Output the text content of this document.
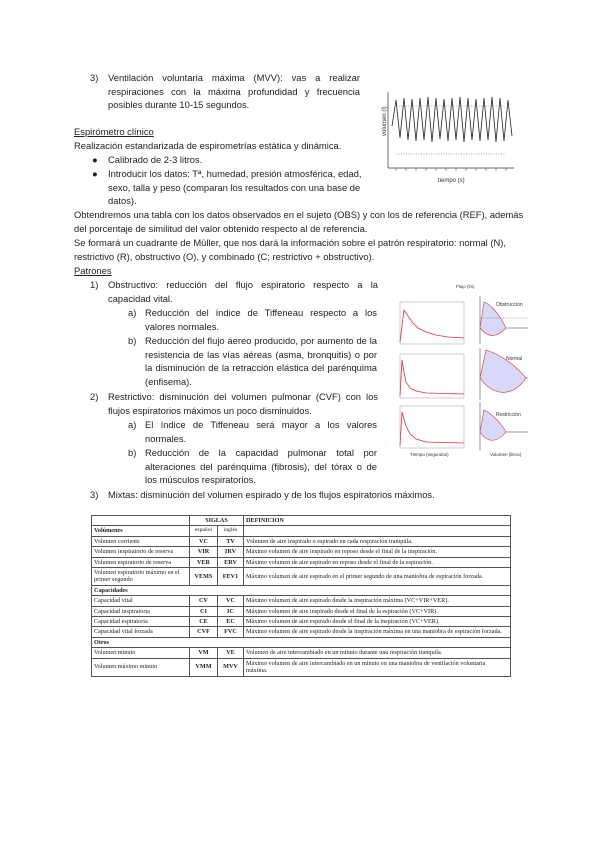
3) Ventilación voluntaria máxima (MVV): vas a realizar respiraciones con la máxima profundidad y frecuencia posibles durante 10-15 segundos.
volumen (l)
tiempo (s)
Espirómetro clínico
Realización estandarizada de espirometrías estática y dinámica.
● Calibrado de 2-3 litros.
● Introducir los datos: Tª, humedad, presión atmosférica, edad, sexo, talla y peso (comparan los resultados con una base de datos).
Obtendremos una tabla con los datos observados en el sujeto (OBS) y con los de referencia (REF), además del porcentaje de similitud del valor obtenido respecto al de referencia.
Se formará un cuadrante de Müller, que nos dará la información sobre el patrón respiratorio: normal (N), restrictivo (R), obstructivo (O), y combinado (C; restrictivo + obstructivo).
Patrones
1) Obstructivo: reducción del flujo espiratorio respecto a la capacidad vital.
a) Reducción del índice de Tiffeneau respecto a los valores normales.
b) Reducción del flujo áereo producido, por aumento de la resistencia de las vías aéreas (asma, bronquitis) o por la disminución de la retracción elástica del parénquima (enfisema).
2) Restrictivo: disminución del volumen pulmonar (CVF) con los flujos espiratorios máximos un poco disminuidos.
a) El índice de Tiffeneau será mayor a los valores normales.
b) Reducción de la capacidad pulmonar total por alteraciones del parénquima (fibrosis), del tórax o de los músculos respiratorios.
3) Mixtas: disminución del volumen espirado y de los flujos espiratorios máximos.
Flujo (l/s)
Obstrucción
Normal
Restricción
Tiempo (segundos)	Volumen (litros)
	SIGLAS		DEFINICION
Volúmenes	español	inglés	
Volumen corriente	VC	TV	Volumen de aire inspirado o espirado en cada respiración tranquila.
Volumen inspiratorio de reserva	VIR	IRV	Máximo volumen de aire inspirado en reposo desde el final de la inspiración.
Volumen espiratorio de reserva	VER	ERV	Máximo volumen de aire espirado en reposo desde el final de la espiración.
Volumen espiratorio máximo en el primer segundo	VEMS	FEV1	Máximo volumen de aire espirado en el primer segundo de una maniobra de espiración forzada.
Capacidades			
Capacidad vital	CV	VC	Máximo volumen de aire espirado desde la inspiración máxima (VC+VIR+VER).
Capacidad inspiratoria	CI	IC	Máximo volumen de aire inspirado desde el final de la espiración (VC+VIR).
Capacidad espiratoria	CE	EC	Máximo volumen de aire espirado desde el final de la inspiración (VC+VER).
Capacidad vital forzada	CVF	FVC	Máximo volumen de aire espirado desde la inspiración máxima en una maniobra de espiración forzada.
Otros			
Volumen minuto	VM	VE	Volumen de aire intercambiado en un minuto durante una respiración tranquila.
Volumen máximo minuto	VMM	MVV	Máximo volumen de aire intercambiado en un minuto en una maniobra de ventilación voluntaria máxima.
